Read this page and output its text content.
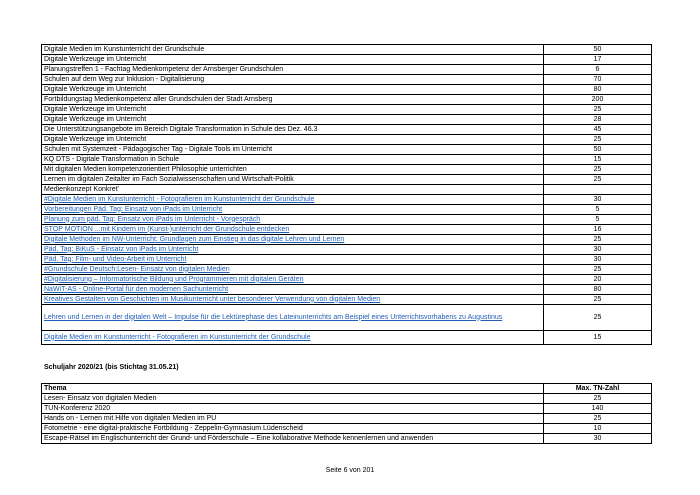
Digitale Medien im Kunstunterricht der Grundschule	50
Digitale Werkzeuge im Unterricht	17
Planungstreffen 1 - Fachtag Medienkompetenz der Arnsberger Grundschulen	6
Schulen auf dem Weg zur Inklusion - Digitalisierung	70
Digitale Werkzeuge im Unterricht	80
Fortbildungstag Medienkompetenz aller Grundschulen der Stadt Arnsberg	200
Digitale Werkzeuge im Unterricht	25
Digitale Werkzeuge im Unterricht	28
Die Unterstützungsangebote im Bereich Digitale Transformation in Schule des Dez. 46.3	45
Digitale Werkzeuge im Unterricht	25
Schulen mit Systemzeit - Pädagogischer Tag - Digitale Tools im Unterricht	50
KQ DTS - Digitale Transformation in Schule	15
Mit digitalen Medien kompetenzorientiert Philosophie unterrichten	25
Lernen im digitalen Zeitalter im Fach Sozialwissenschaften und Wirtschaft-Politik	25
Medienkonzept Konkret'	
#Digitale Medien im Kunstunterricht - Fotografieren im Kunstunterricht der Grundschule	30
Vorbereitungen Päd. Tag: Einsatz von iPads im Unterricht	5
Planung zum päd. Tag: Einsatz von iPads im Unterricht - Vorgespräch	5
STOP MOTION ...mit Kindern im (Kunst-)unterricht der Grundschule entdecken	16
Digitale Methoden im NW-Unterricht: Grundlagen zum Einstieg in das digitale Lehren und Lernen	25
Päd. Tag: BiKuS - Einsatz von iPads im Unterricht	30
Päd. Tag: Film- und Video-Arbeit im Unterricht	30
#Grundschule Deutsch:Lesen- Einsatz von digitalen Medien	25
#Digitalisierung – Informatorische Bildung und Programmieren mit digitalen Geräten	20
NaWiT-AS - Online-Portal für den modernen Sachunterricht	80
Kreatives Gestalten von Geschichten im Musikunterricht unter besonderer Verwendung von digitalen Medien	25
Lehren und Lernen in der digitalen Welt – Impulse für die Lektürephase des Lateinunterrichts am Beispiel eines Unterrichtsvorhabens zu Augustinus	25
Digitale Medien im Kunstunterricht - Fotografieren im Kunstunterricht der Grundschule	15
Schuljahr 2020/21 (bis Stichtag 31.05.21)
Thema	Max. TN-Zahl
Lesen- Einsatz von digitalen Medien	25
TUN-Konferenz 2020	140
Hands on - Lernen mit Hilfe von digitalen Medien im PU	25
Fotometrie - eine digital-praktische Fortbildung - Zeppelin-Gymnasium Lüdenscheid	10
Escape-Rätsel im Englischunterricht der Grund- und Förderschule – Eine kollaborative Methode kennenlernen und anwenden	30
Seite 6 von 201
